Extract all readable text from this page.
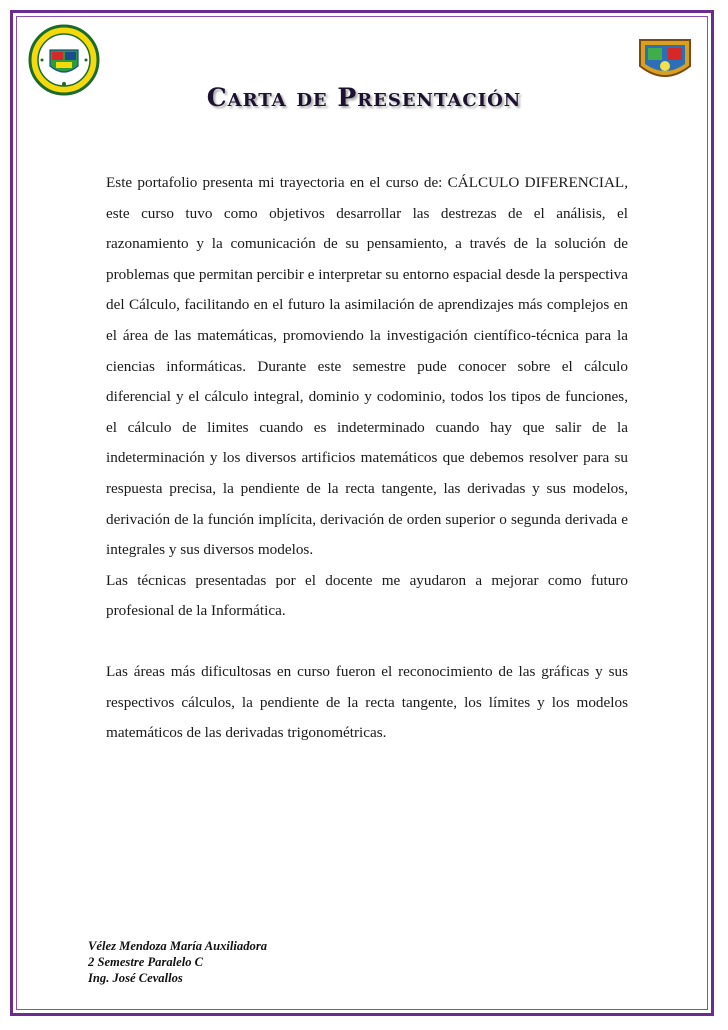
Carta de Presentación

Este portafolio presenta mi trayectoria en el curso de: CÁLCULO DIFERENCIAL, este curso tuvo como objetivos desarrollar las destrezas de el análisis, el razonamiento y la comunicación de su pensamiento, a través de la solución de problemas que permitan percibir e interpretar su entorno espacial desde la perspectiva del Cálculo, facilitando en el futuro la asimilación de aprendizajes más complejos en el área de las matemáticas, promoviendo la investigación científico-técnica para la ciencias informáticas. Durante este semestre pude conocer sobre el cálculo diferencial y el cálculo integral, dominio y codominio, todos los tipos de funciones, el cálculo de limites cuando es indeterminado cuando hay que salir de la indeterminación y los diversos artificios matemáticos que debemos resolver para su respuesta precisa, la pendiente de la recta tangente, las derivadas y sus modelos, derivación de la función implícita, derivación de orden superior o segunda derivada e integrales y sus diversos modelos.

Las técnicas presentadas por el docente me ayudaron a mejorar como futuro profesional de la Informática.

Las áreas más dificultosas en curso fueron el reconocimiento de las gráficas y sus respectivos cálculos, la pendiente de la recta tangente, los límites y los modelos matemáticos de las derivadas trigonométricas.

Vélez Mendoza María Auxiliadora
2 Semestre Paralelo C
Ing. José Cevallos
